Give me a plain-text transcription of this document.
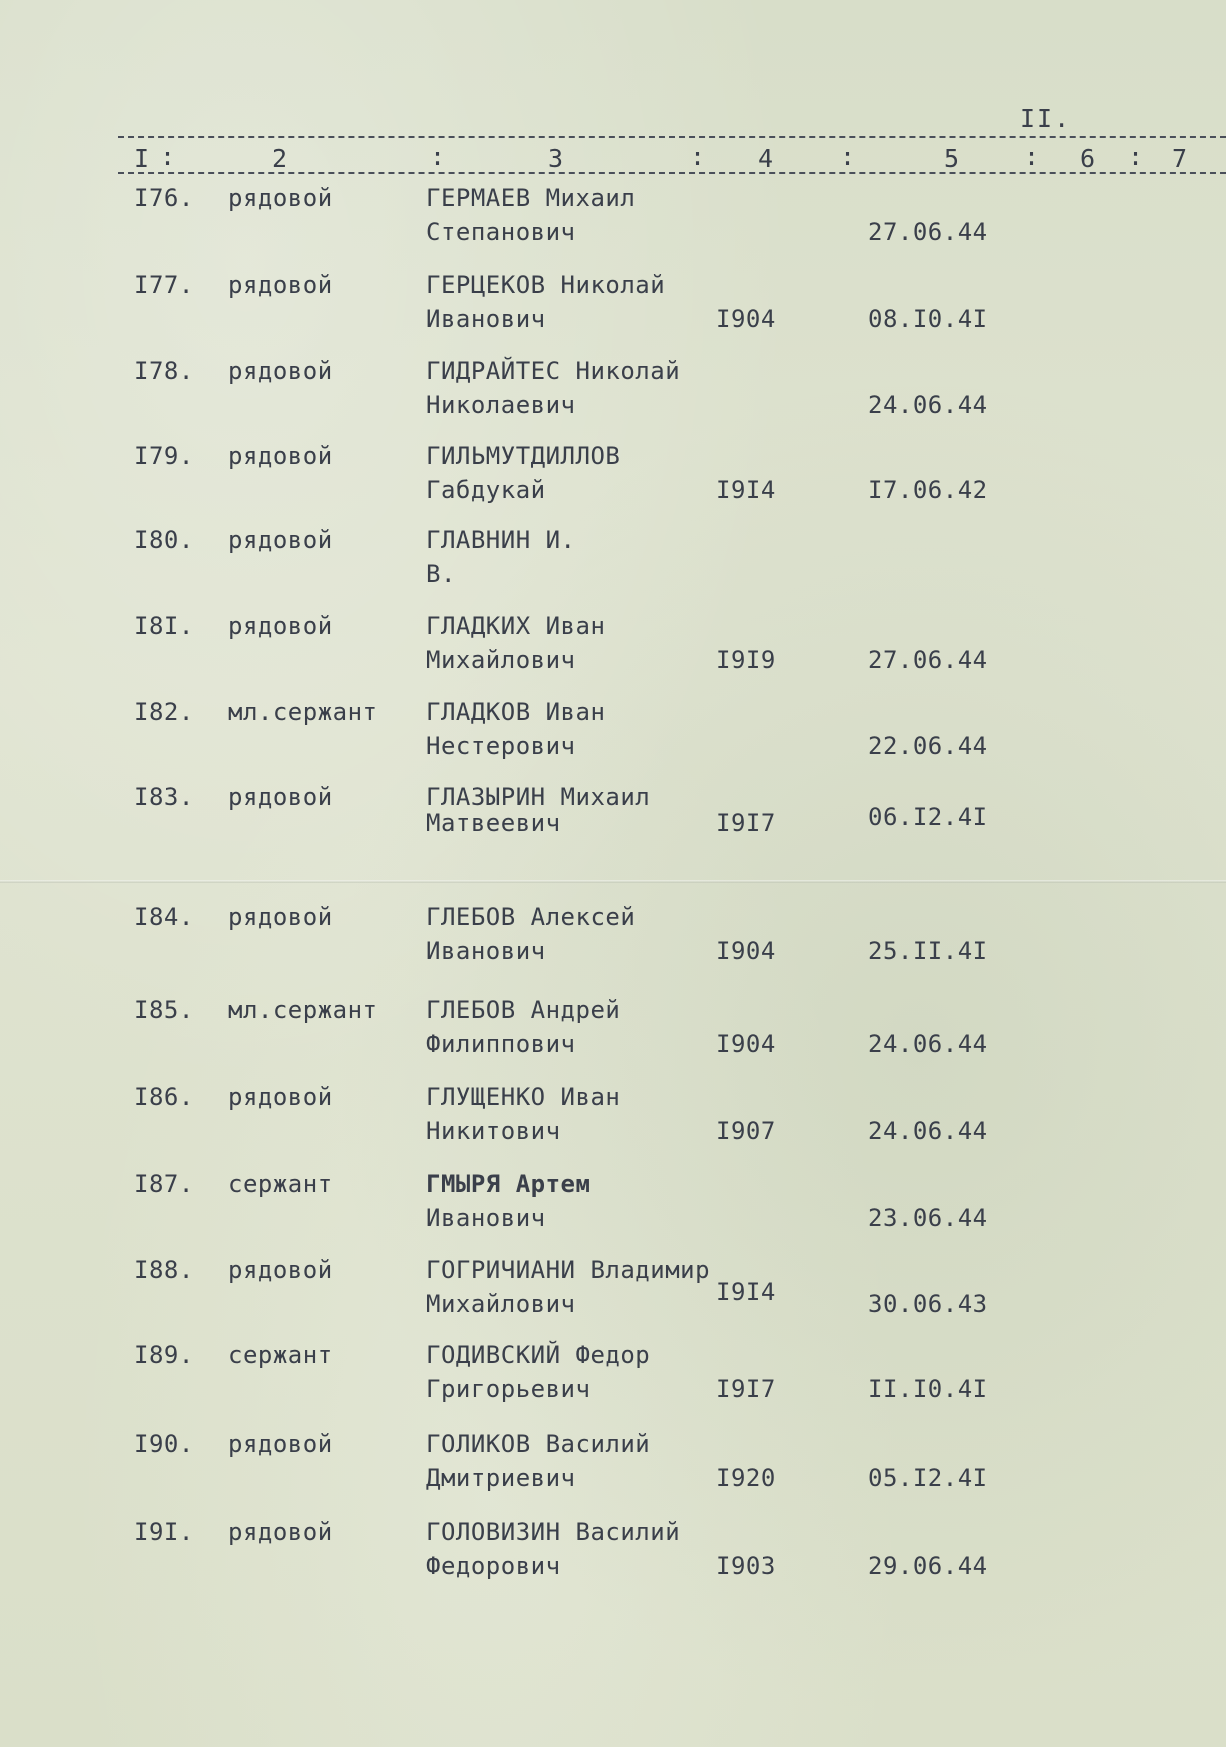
II.
I :	2	:	3	: 4	:	5	: 6 : 7
I76. рядовой	ГЕРМАЕВ Михаил
Степанович	27.06.44
I77. рядовой	ГЕРЦЕКОВ Николай
Иванович	I904	08.I0.4I
I78. рядовой	ГИДРАЙТЕС Николай
Николаевич	24.06.44
I79. рядовой	ГИЛЬМУТДИЛЛОВ
Габдукай	I9I4	I7.06.42
I80. рядовой	ГЛАВНИН И.
В.
I8I. рядовой	ГЛАДКИХ Иван
Михайлович	I9I9	27.06.44
I82. мл.сержант ГЛАДКОВ Иван
Нестерович	22.06.44
I83. рядовой	ГЛАЗЫРИН Михаил
Матвеевич	I9I7	06.I2.4I
I84. рядовой	ГЛЕБОВ Алексей
Иванович	I904	25.II.4I
I85. мл.сержант ГЛЕБОВ Андрей
Филиппович	I904	24.06.44
I86. рядовой	ГЛУЩЕНКО Иван
Никитович	I907	24.06.44
I87. сержант	ГМЫРЯ Артем
Иванович	23.06.44
I88. рядовой	ГОГРИЧИАНИ Владимир
Михайлович	I9I4	30.06.43
I89. сержант	ГОДИВСКИЙ Федор
Григорьевич	I9I7	II.I0.4I
I90. рядовой	ГОЛИКОВ Василий
Дмитриевич	I920	05.I2.4I
I9I. рядовой	ГОЛОВИЗИН Василий
Федорович	I903	29.06.44
